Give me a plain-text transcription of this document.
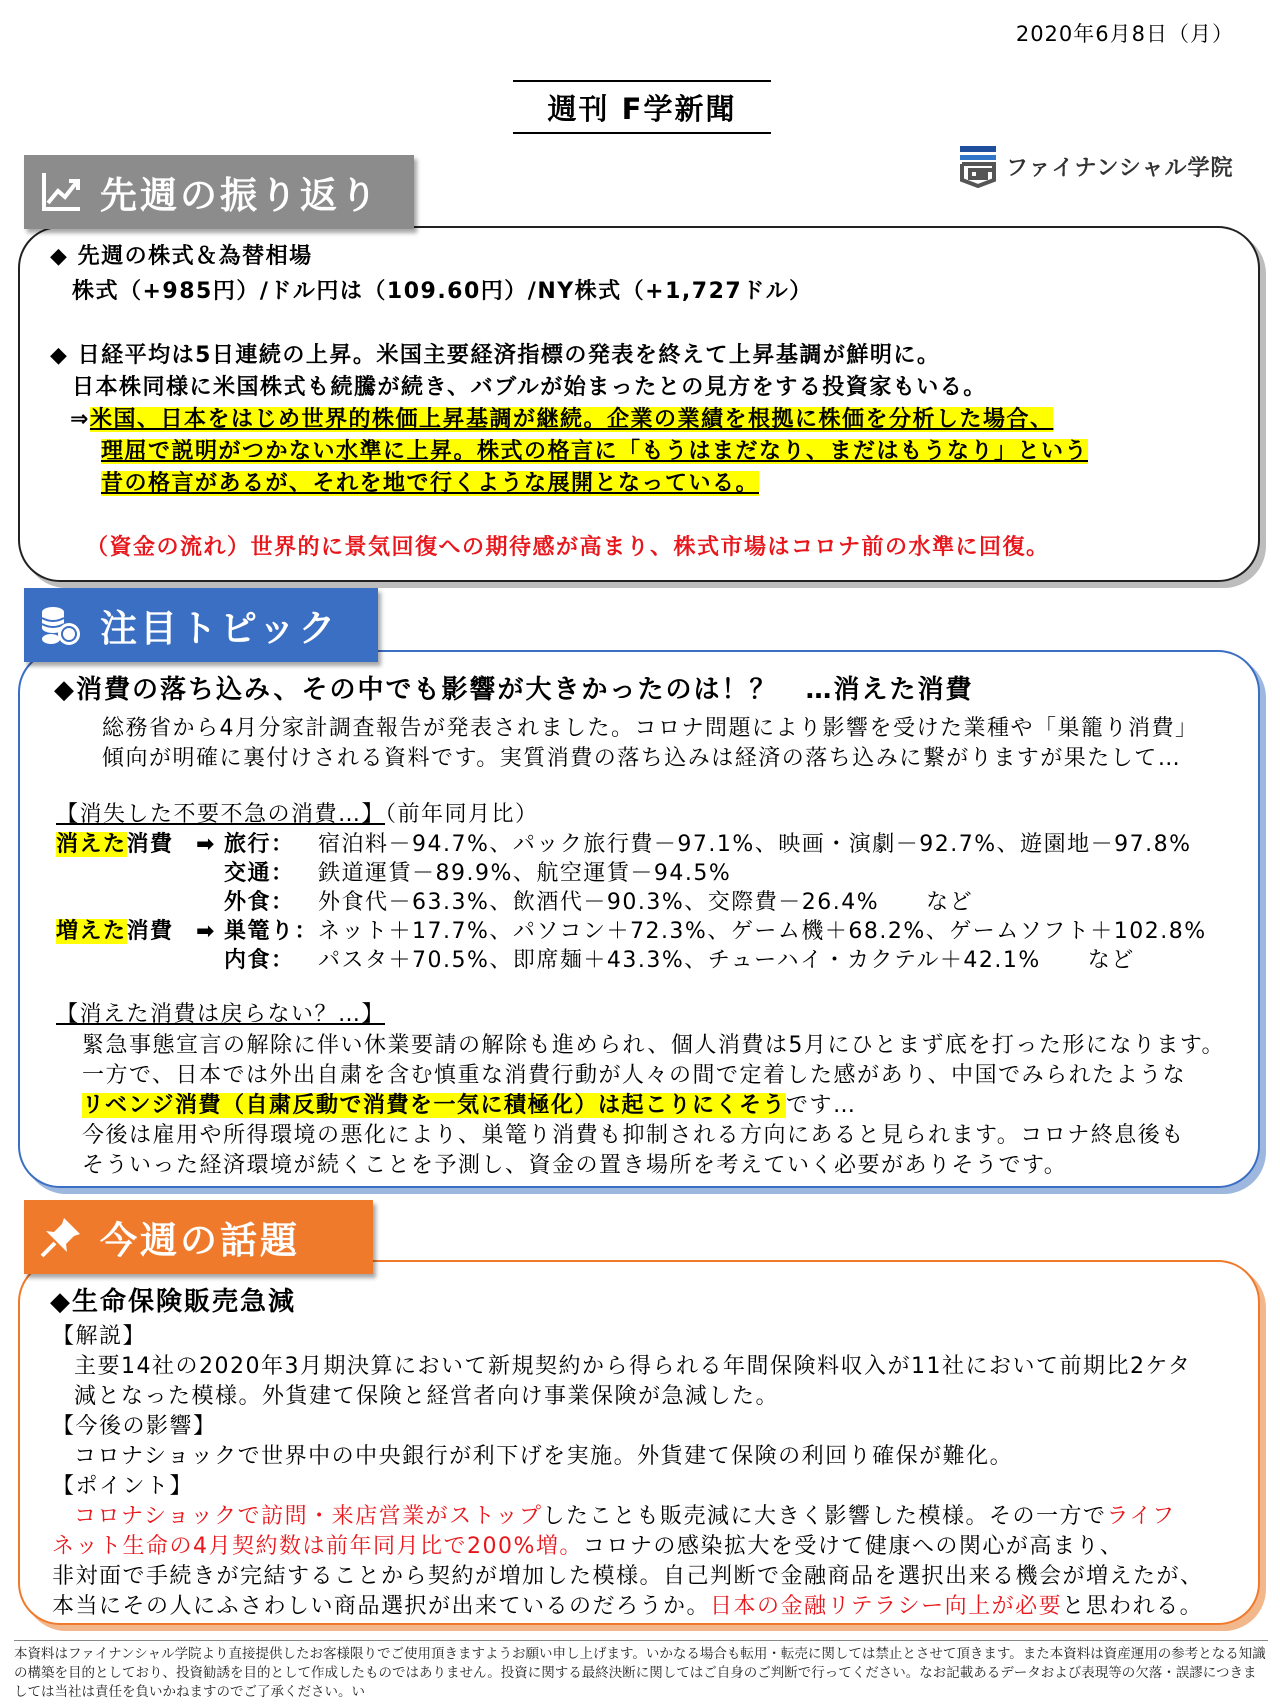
2020年6月8日（月）
週刊 F学新聞
ファイナンシャル学院
先週の振り返り
◆ 先週の株式＆為替相場
株式（+985円）/ドル円は（109.60円）/NY株式（+1,727ドル）
◆ 日経平均は5日連続の上昇。米国主要経済指標の発表を終えて上昇基調が鮮明に。
日本株同様に米国株式も続騰が続き、バブルが始まったとの見方をする投資家もいる。
⇒米国、日本をはじめ世界的株価上昇基調が継続。企業の業績を根拠に株価を分析した場合、
理屈で説明がつかない水準に上昇。株式の格言に「もうはまだなり、まだはもうなり」という
昔の格言があるが、それを地で行くような展開となっている。
（資金の流れ）世界的に景気回復への期待感が高まり、株式市場はコロナ前の水準に回復。
注目トピック
◆消費の落ち込み、その中でも影響が大きかったのは！？　…消えた消費
総務省から4月分家計調査報告が発表されました。コロナ問題により影響を受けた業種や「巣籠り消費」
傾向が明確に裏付けされる資料です。実質消費の落ち込みは経済の落ち込みに繋がりますが果たして…
【消失した不要不急の消費…】（前年同月比）
消えた消費 ➡ 旅行： 宿泊料－94.7%、パック旅行費－97.1%、映画・演劇－92.7%、遊園地－97.8%
交通： 鉄道運賃－89.9%、航空運賃－94.5%
外食： 外食代－63.3%、飲酒代－90.3%、交際費－26.4%　　など
増えた消費 ➡ 巣篭り： ネット＋17.7%、パソコン＋72.3%、ゲーム機＋68.2%、ゲームソフト＋102.8%
内食： パスタ＋70.5%、即席麺＋43.3%、チューハイ・カクテル＋42.1%　　など
【消えた消費は戻らない？…】
緊急事態宣言の解除に伴い休業要請の解除も進められ、個人消費は5月にひとまず底を打った形になります。
一方で、日本では外出自粛を含む慎重な消費行動が人々の間で定着した感があり、中国でみられたような
リベンジ消費（自粛反動で消費を一気に積極化）は起こりにくそうです…
今後は雇用や所得環境の悪化により、巣篭り消費も抑制される方向にあると見られます。コロナ終息後も
そういった経済環境が続くことを予測し、資金の置き場所を考えていく必要がありそうです。
今週の話題
◆生命保険販売急減
【解説】
主要14社の2020年3月期決算において新規契約から得られる年間保険料収入が11社において前期比2ケタ
減となった模様。外貨建て保険と経営者向け事業保険が急減した。
【今後の影響】
コロナショックで世界中の中央銀行が利下げを実施。外貨建て保険の利回り確保が難化。
【ポイント】
コロナショックで訪問・来店営業がストップしたことも販売減に大きく影響した模様。その一方でライフ
ネット生命の4月契約数は前年同月比で200%増。コロナの感染拡大を受けて健康への関心が高まり、
非対面で手続きが完結することから契約が増加した模様。自己判断で金融商品を選択出来る機会が増えたが、
本当にその人にふさわしい商品選択が出来ているのだろうか。日本の金融リテラシー向上が必要と思われる。
本資料はファイナンシャル学院より直接提供したお客様限りでご使用頂きますようお願い申し上げます。いかなる場合も転用・転売に関しては禁止とさせて頂きます。また本資料は資産運用の参考となる知識の構築を目的としており、投資勧誘を目的として作成したものではありません。投資に関する最終決断に関してはご自身のご判断で行ってください。なお記載あるデータおよび表現等の欠落・誤謬につきましては当社は責任を負いかねますのでご了承ください。い
